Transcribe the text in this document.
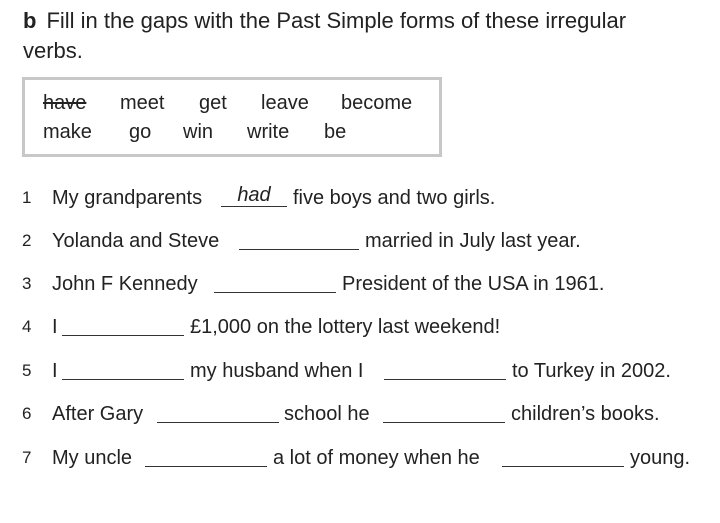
b Fill in the gaps with the Past Simple forms of these irregular
verbs.
have meet get leave become
make go win write be
1	My grandparents	had	five boys and two girls.
2	Yolanda and Steve	married in July last year.
3	John F Kennedy	President of the USA in 1961.
4	I	£1,000 on the lottery last weekend!
5	I	my husband when I	to Turkey in 2002.
6	After Gary	school he	children’s books.
7	My uncle	a lot of money when he	young.
